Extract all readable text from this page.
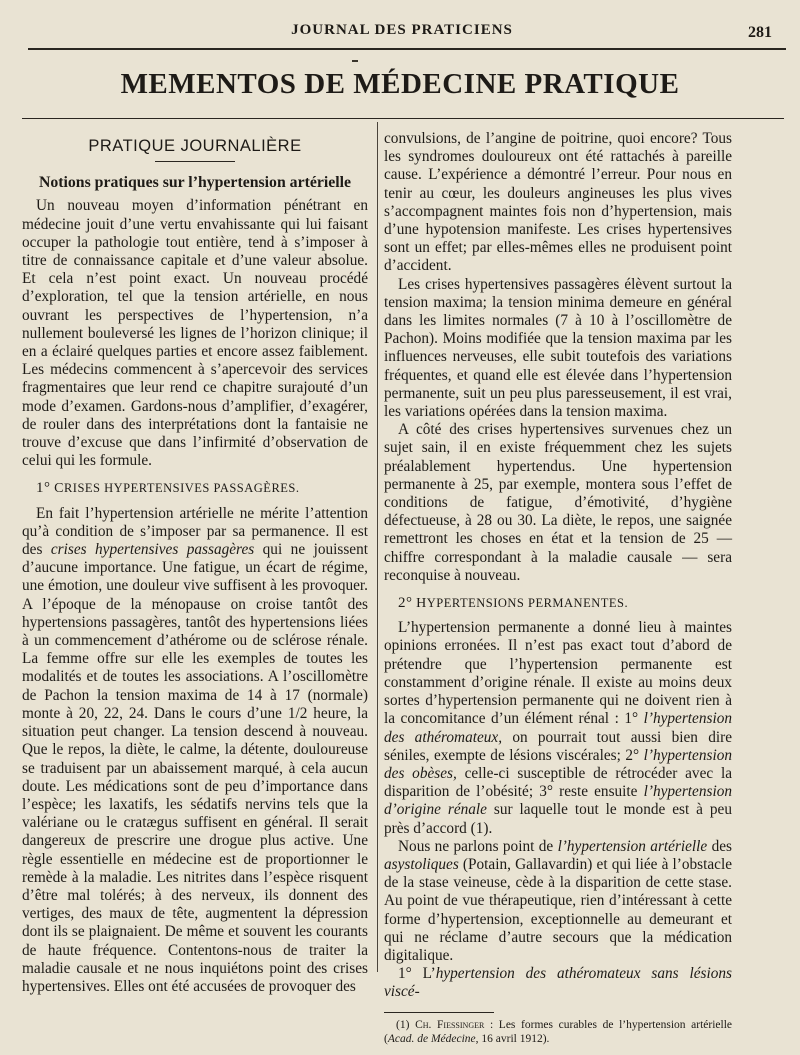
JOURNAL DES PRATICIENS	281
MEMENTOS DE MÉDECINE PRATIQUE
PRATIQUE JOURNALIÈRE
Notions pratiques sur l’hypertension artérielle

Un nouveau moyen d’information pénétrant en médecine jouit d’une vertu envahissante qui lui faisant occuper la pathologie tout entière, tend à s’imposer à titre de connaissance capitale et d’une valeur absolue. Et cela n’est point exact. Un nouveau procédé d’exploration, tel que la tension artérielle, en nous ouvrant les perspectives de l’hypertension, n’a nullement bouleversé les lignes de l’horizon clinique; il en a éclairé quelques parties et encore assez faiblement. Les médecins commencent à s’apercevoir des services fragmentaires que leur rend ce chapitre surajouté d’un mode d’examen. Gardons-nous d’amplifier, d’exagérer, de rouler dans des interprétations dont la fantaisie ne trouve d’excuse que dans l’infirmité d’observation de celui qui les formule.

1° CRISES HYPERTENSIVES PASSAGÈRES.

En fait l’hypertension artérielle ne mérite l’attention qu’à condition de s’imposer par sa permanence. Il est des crises hypertensives passagères qui ne jouissent d’aucune importance. Une fatigue, un écart de régime, une émotion, une douleur vive suffisent à les provoquer. A l’époque de la ménopause on croise tantôt des hypertensions passagères, tantôt des hypertensions liées à un commencement d’athérome ou de sclérose rénale. La femme offre sur elle les exemples de toutes les modalités et de toutes les associations. A l’oscillomètre de Pachon la tension maxima de 14 à 17 (normale) monte à 20, 22, 24. Dans le cours d’une 1/2 heure, la situation peut changer. La tension descend à nouveau. Que le repos, la diète, le calme, la détente, douloureuse se traduisent par un abaissement marqué, à cela aucun doute. Les médications sont de peu d’importance dans l’espèce; les laxatifs, les sédatifs nervins tels que la valériane ou le cratægus suffisent en général. Il serait dangereux de prescrire une drogue plus active. Une règle essentielle en médecine est de proportionner le remède à la maladie. Les nitrites dans l’espèce risquent d’être mal tolérés; à des nerveux, ils donnent des vertiges, des maux de tête, augmentent la dépression dont ils se plaignaient. De même et souvent les courants de haute fréquence. Contentons-nous de traiter la maladie causale et ne nous inquiétons point des crises hypertensives. Elles ont été accusées de provoquer des

convulsions, de l’angine de poitrine, quoi encore? Tous les syndromes douloureux ont été rattachés à pareille cause. L’expérience a démontré l’erreur. Pour nous en tenir au cœur, les douleurs angineuses les plus vives s’accompagnent maintes fois non d’hypertension, mais d’une hypotension manifeste. Les crises hypertensives sont un effet; par elles-mêmes elles ne produisent point d’accident.

Les crises hypertensives passagères élèvent surtout la tension maxima; la tension minima demeure en général dans les limites normales (7 à 10 à l’oscillomètre de Pachon). Moins modifiée que la tension maxima par les influences nerveuses, elle subit toutefois des variations fréquentes, et quand elle est élevée dans l’hypertension permanente, suit un peu plus paresseusement, il est vrai, les variations opérées dans la tension maxima.

A côté des crises hypertensives survenues chez un sujet sain, il en existe fréquemment chez les sujets préalablement hypertendus. Une hypertension permanente à 25, par exemple, montera sous l’effet de conditions de fatigue, d’émotivité, d’hygiène défectueuse, à 28 ou 30. La diète, le repos, une saignée remettront les choses en état et la tension de 25 — chiffre correspondant à la maladie causale — sera reconquise à nouveau.

2° HYPERTENSIONS PERMANENTES.

L’hypertension permanente a donné lieu à maintes opinions erronées. Il n’est pas exact tout d’abord de prétendre que l’hypertension permanente est constamment d’origine rénale. Il existe au moins deux sortes d’hypertension permanente qui ne doivent rien à la concomitance d’un élément rénal : 1° l’hypertension des athéromateux, on pourrait tout aussi bien dire séniles, exempte de lésions viscérales; 2° l’hypertension des obèses, celle-ci susceptible de rétrocéder avec la disparition de l’obésité; 3° reste ensuite l’hypertension d’origine rénale sur laquelle tout le monde est à peu près d’accord (1).

Nous ne parlons point de l’hypertension artérielle des asystoliques (Potain, Gallavardin) et qui liée à l’obstacle de la stase veineuse, cède à la disparition de cette stase. Au point de vue thérapeutique, rien d’intéressant à cette forme d’hypertension, exceptionnelle au demeurant et qui ne réclame d’autre secours que la médication digitalique.

1° L’hypertension des athéromateux sans lésions viscé-

(1) Ch. Fiessinger : Les formes curables de l’hypertension artérielle (Acad. de Médecine, 16 avril 1912).
